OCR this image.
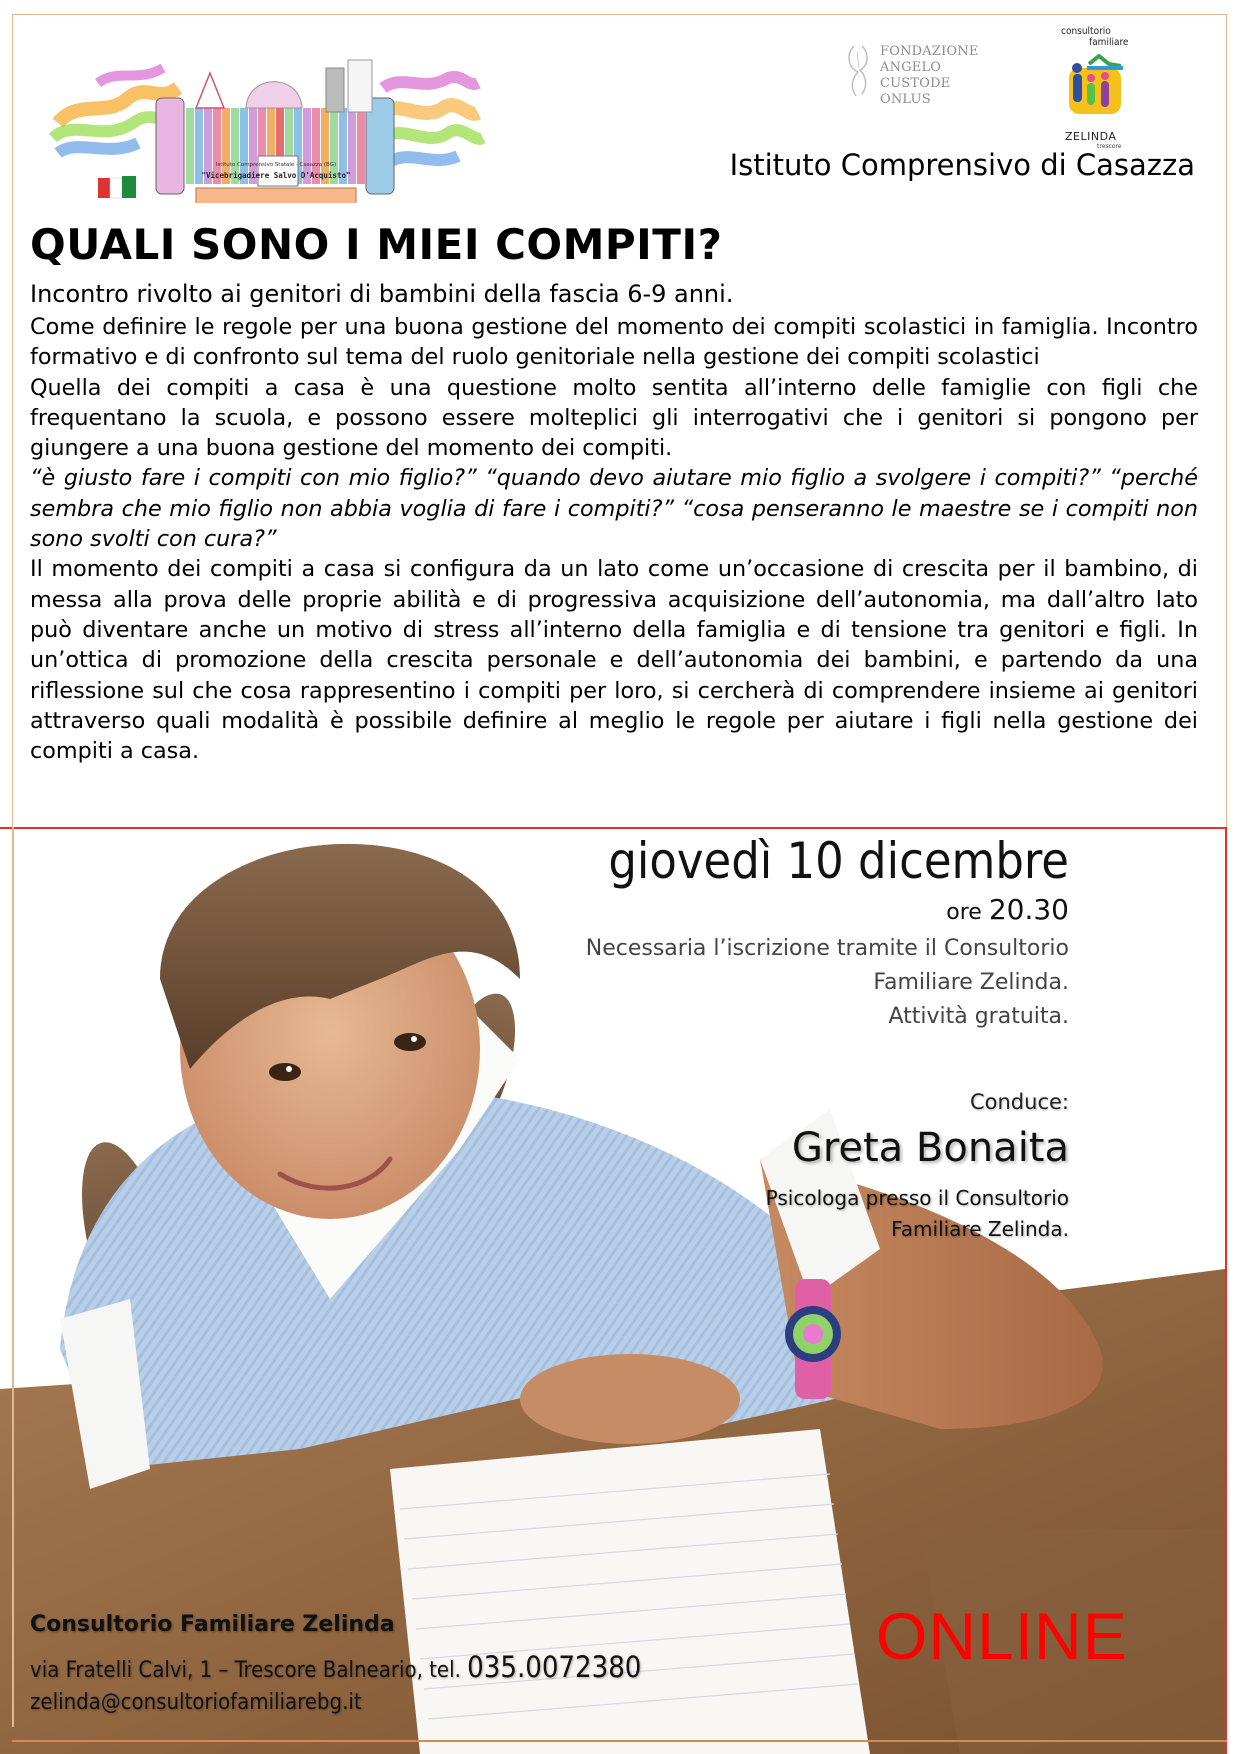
Istituto Comprensivo Statale · Casazza (BG)
"Vicebrigadiere Salvo D'Acquisto"
FONDAZIONE
ANGELO CUSTODE
ONLUS
consultorio
familiare
ZELINDA
trescore
Istituto Comprensivo di Casazza
QUALI SONO I MIEI COMPITI?
Incontro rivolto ai genitori di bambini della fascia 6-9 anni.

Come definire le regole per una buona gestione del momento dei compiti scolastici in famiglia. Incontro formativo e di confronto sul tema del ruolo genitoriale nella gestione dei compiti scolastici

Quella dei compiti a casa è una questione molto sentita all’interno delle famiglie con figli che frequentano la scuola, e possono essere molteplici gli interrogativi che i genitori si pongono per giungere a una buona gestione del momento dei compiti.

“è giusto fare i compiti con mio figlio?” “quando devo aiutare mio figlio a svolgere i compiti?” “perché sembra che mio figlio non abbia voglia di fare i compiti?” “cosa penseranno le maestre se i compiti non sono svolti con cura?”

Il momento dei compiti a casa si configura da un lato come un’occasione di crescita per il bambino, di messa alla prova delle proprie abilità e di progressiva acquisizione dell’autonomia, ma dall’altro lato può diventare anche un motivo di stress all’interno della famiglia e di tensione tra genitori e figli. In un’ottica di promozione della crescita personale e dell’autonomia dei bambini, e partendo da una riflessione sul che cosa rappresentino i compiti per loro, si cercherà di comprendere insieme ai genitori attraverso quali modalità è possibile definire al meglio le regole per aiutare i figli nella gestione dei compiti a casa.

giovedì 10 dicembre
ore 20.30
Necessaria l’iscrizione tramite il Consultorio
Familiare Zelinda.
Attività gratuita.
Conduce:
Greta Bonaita
Psicologa presso il Consultorio
Familiare Zelinda.
Consultorio Familiare Zelinda
via Fratelli Calvi, 1 – Trescore Balneario, tel. 035.0072380
zelinda@consultoriofamiliarebg.it
ONLINE
